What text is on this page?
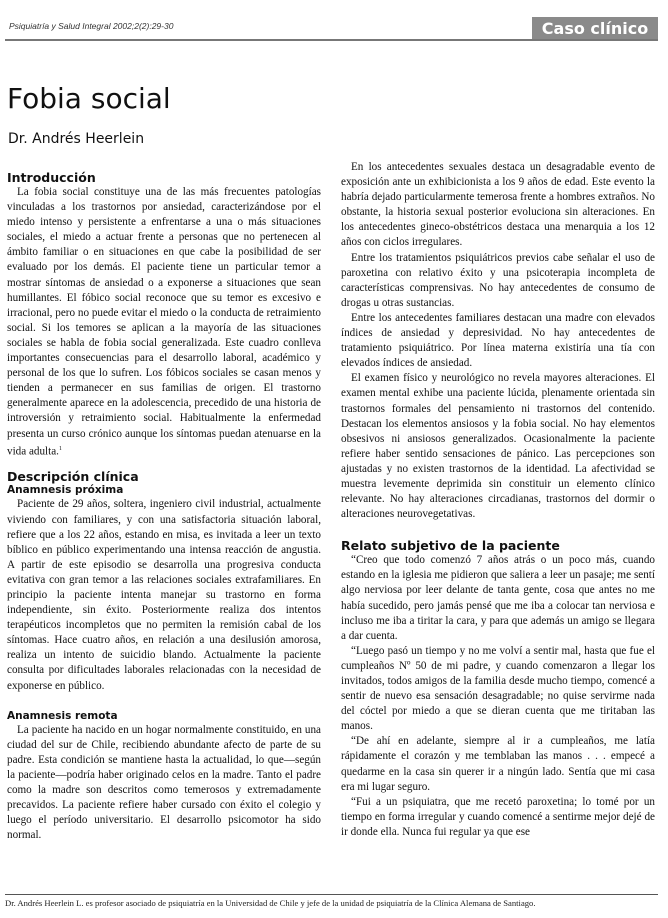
Psiquiatría y Salud Integral 2002;2(2):29-30	Caso clínico
Fobia social
Dr. Andrés Heerlein
Introducción

La fobia social constituye una de las más frecuentes patologías vinculadas a los trastornos por ansiedad, caracterizándose por el miedo intenso y persistente a enfrentarse a una o más situaciones sociales, el miedo a actuar frente a personas que no pertenecen al ámbito familiar o en situaciones en que cabe la posibilidad de ser evaluado por los demás. El paciente tiene un particular temor a mostrar síntomas de ansiedad o a exponerse a situaciones que sean humillantes. El fóbico social reconoce que su temor es excesivo e irracional, pero no puede evitar el miedo o la conducta de retraimiento social. Si los temores se aplican a la mayoría de las situaciones sociales se habla de fobia social generalizada. Este cuadro conlleva importantes consecuencias para el desarrollo laboral, académico y personal de los que lo sufren. Los fóbicos sociales se casan menos y tienden a permanecer en sus familias de origen. El trastorno generalmente aparece en la adolescencia, precedido de una historia de introversión y retraimiento social. Habitualmente la enfermedad presenta un curso crónico aunque los síntomas puedan atenuarse en la vida adulta.$^1$

Descripción clínica
Anamnesis próxima

Paciente de 29 años, soltera, ingeniero civil industrial, actualmente viviendo con familiares, y con una satisfactoria situación laboral, refiere que a los 22 años, estando en misa, es invitada a leer un texto bíblico en público experimentando una intensa reacción de angustia. A partir de este episodio se desarrolla una progresiva conducta evitativa con gran temor a las relaciones sociales extrafamiliares. En principio la paciente intenta manejar su trastorno en forma independiente, sin éxito. Posteriormente realiza dos intentos terapéuticos incompletos que no permiten la remisión cabal de los síntomas. Hace cuatro años, en relación a una desilusión amorosa, realiza un intento de suicidio blando. Actualmente la paciente consulta por dificultades laborales relacionadas con la necesidad de exponerse en público.

Anamnesis remota

La paciente ha nacido en un hogar normalmente constituido, en una ciudad del sur de Chile, recibiendo abundante afecto de parte de su padre. Esta condición se mantiene hasta la actualidad, lo que—según la paciente—podría haber originado celos en la madre. Tanto el padre como la madre son descritos como temerosos y extremadamente precavidos. La paciente refiere haber cursado con éxito el colegio y luego el período universitario. El desarrollo psicomotor ha sido normal.

En los antecedentes sexuales destaca un desagradable evento de exposición ante un exhibicionista a los 9 años de edad. Este evento la habría dejado particularmente temerosa frente a hombres extraños. No obstante, la historia sexual posterior evoluciona sin alteraciones. En los antecedentes gineco-obstétricos destaca una menarquia a los 12 años con ciclos irregulares.

Entre los tratamientos psiquiátricos previos cabe señalar el uso de paroxetina con relativo éxito y una psicoterapia incompleta de características comprensivas. No hay antecedentes de consumo de drogas u otras sustancias.

Entre los antecedentes familiares destacan una madre con elevados índices de ansiedad y depresividad. No hay antecedentes de tratamiento psiquiátrico. Por línea materna existiría una tía con elevados índices de ansiedad.

El examen físico y neurológico no revela mayores alteraciones. El examen mental exhibe una paciente lúcida, plenamente orientada sin trastornos formales del pensamiento ni trastornos del contenido. Destacan los elementos ansiosos y la fobia social. No hay elementos obsesivos ni ansiosos generalizados. Ocasionalmente la paciente refiere haber sentido sensaciones de pánico. Las percepciones son ajustadas y no existen trastornos de la identidad. La afectividad se muestra levemente deprimida sin constituir un elemento clínico relevante. No hay alteraciones circadianas, trastornos del dormir o alteraciones neurovegetativas.

Relato subjetivo de la paciente

“Creo que todo comenzó 7 años atrás o un poco más, cuando estando en la iglesia me pidieron que saliera a leer un pasaje; me sentí algo nerviosa por leer delante de tanta gente, cosa que antes no me había sucedido, pero jamás pensé que me iba a colocar tan nerviosa e incluso me iba a tiritar la cara, y para que además un amigo se llegara a dar cuenta.

“Luego pasó un tiempo y no me volví a sentir mal, hasta que fue el cumpleaños Nº 50 de mi padre, y cuando comenzaron a llegar los invitados, todos amigos de la familia desde mucho tiempo, comencé a sentir de nuevo esa sensación desagradable; no quise servirme nada del cóctel por miedo a que se dieran cuenta que me tiritaban las manos.

“De ahí en adelante, siempre al ir a cumpleaños, me latía rápidamente el corazón y me temblaban las manos . . . empecé a quedarme en la casa sin querer ir a ningún lado. Sentía que mi casa era mi lugar seguro.

“Fui a un psiquiatra, que me recetó paroxetina; lo tomé por un tiempo en forma irregular y cuando comencé a sentirme mejor dejé de ir donde ella. Nunca fui regular ya que ese

Dr. Andrés Heerlein L. es profesor asociado de psiquiatría en la Universidad de Chile y jefe de la unidad de psiquiatría de la Clínica Alemana de Santiago.
